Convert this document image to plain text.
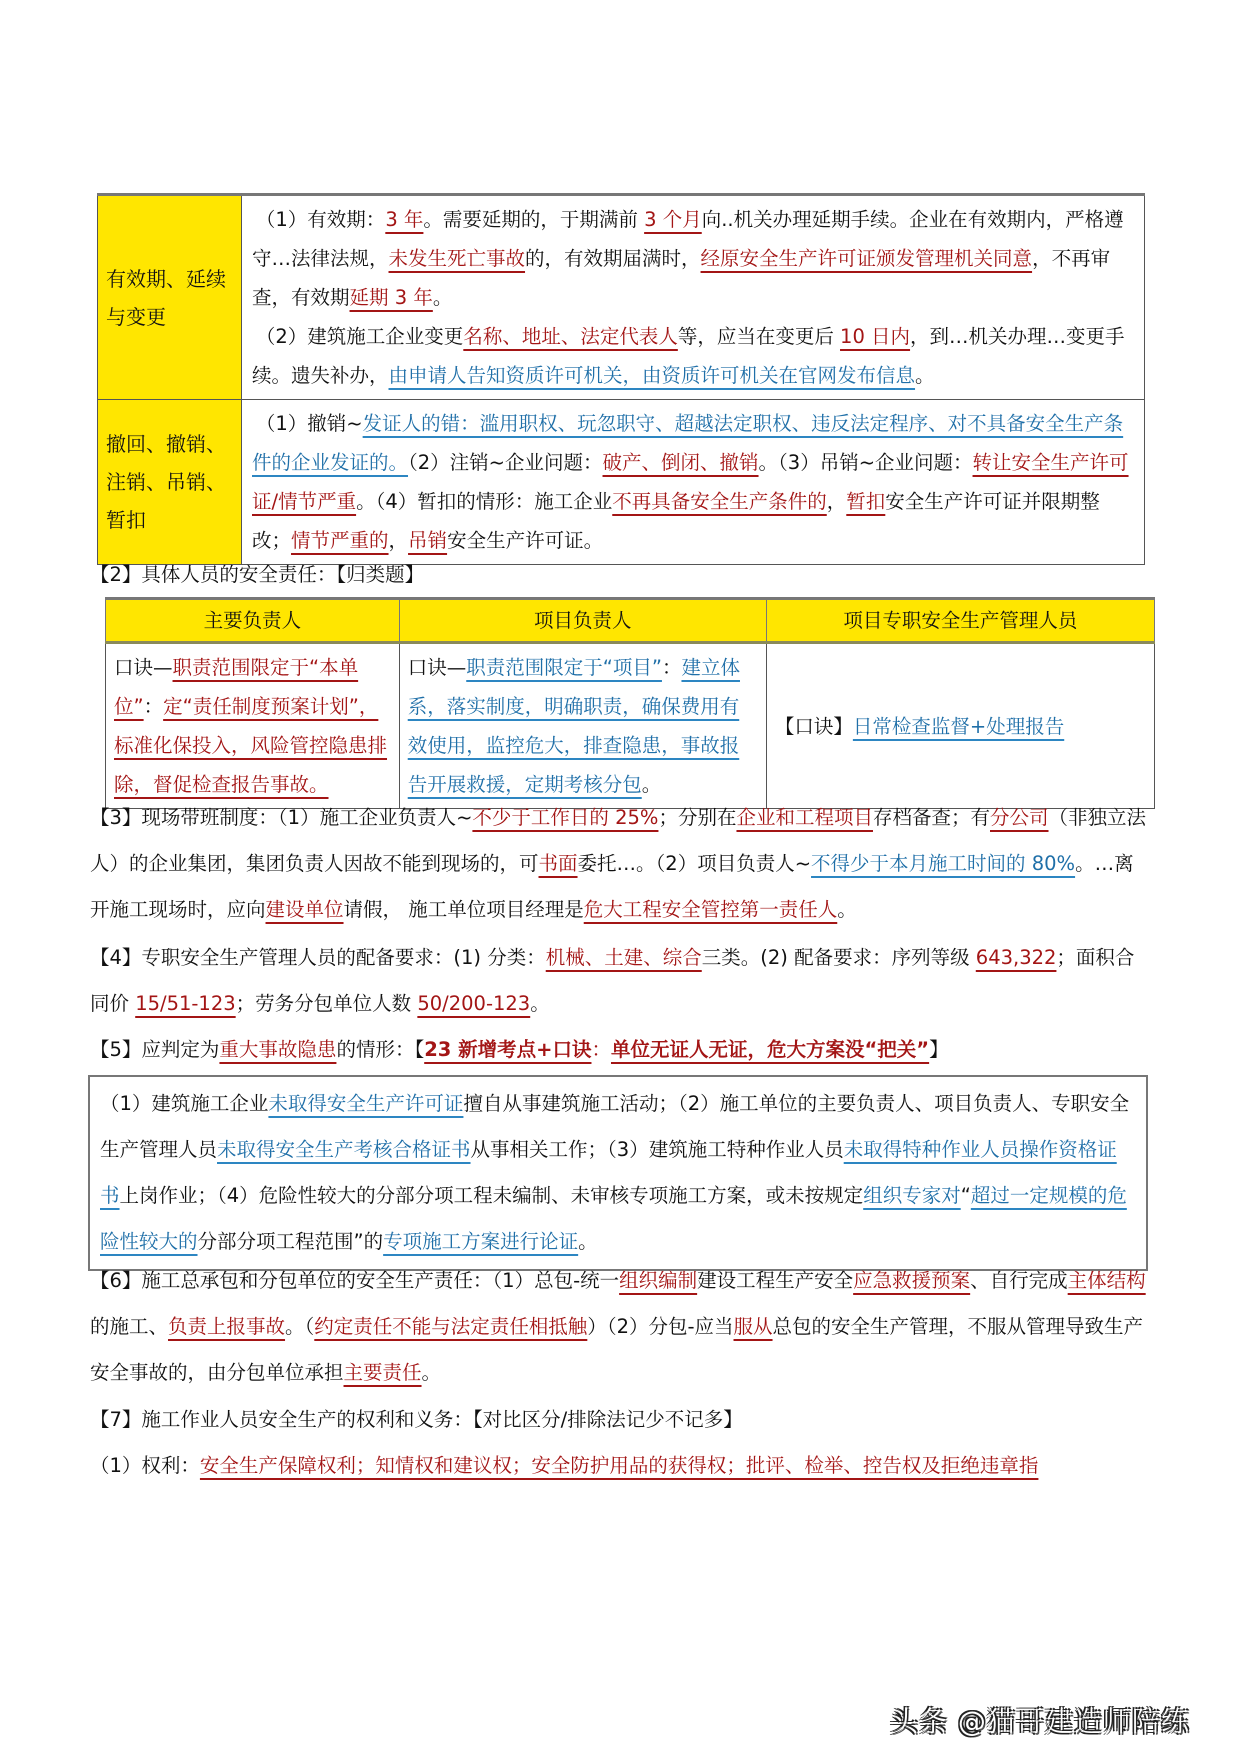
有效期、延续与变更	（1）有效期：3 年。需要延期的，于期满前 3 个月向..机关办理延期手续。企业在有效期内，严格遵守…法律法规，未发生死亡事故的，有效期届满时，经原安全生产许可证颁发管理机关同意，不再审查，有效期延期 3 年。
（2）建筑施工企业变更名称、地址、法定代表人等，应当在变更后 10 日内，到…机关办理…变更手续。遗失补办，由申请人告知资质许可机关，由资质许可机关在官网发布信息。

撤回、撤销、注销、吊销、暂扣	（1）撤销~发证人的错：滥用职权、玩忽职守、超越法定职权、违反法定程序、对不具备安全生产条件的企业发证的。（2）注销~企业问题：破产、倒闭、撤销。（3）吊销~企业问题：转让安全生产许可证/情节严重。（4）暂扣的情形：施工企业不再具备安全生产条件的，暂扣安全生产许可证并限期整改；情节严重的，吊销安全生产许可证。
【2】具体人员的安全责任：【归类题】
主要负责人	项目负责人	项目专职安全生产管理人员
口诀—职责范围限定于“本单位”：定“责任制度预案计划”，标准化保投入，风险管控隐患排除，督促检查报告事故。	口诀—职责范围限定于“项目”：建立体系，落实制度，明确职责，确保费用有效使用，监控危大，排查隐患，事故报告开展救援，定期考核分包。	【口诀】日常检查监督+处理报告
【3】现场带班制度：（1）施工企业负责人~不少于工作日的 25%；分别在企业和工程项目存档备查；有分公司（非独立法人）的企业集团，集团负责人因故不能到现场的，可书面委托…。（2）项目负责人~不得少于本月施工时间的 80%。…离开施工现场时，应向建设单位请假， 施工单位项目经理是危大工程安全管控第一责任人。
【4】专职安全生产管理人员的配备要求：(1) 分类：机械、土建、综合三类。(2) 配备要求：序列等级 643,322；面积合同价 15/51-123；劳务分包单位人数 50/200-123。
【5】应判定为重大事故隐患的情形：【23 新增考点+口诀：单位无证人无证，危大方案没“把关”】
（1）建筑施工企业未取得安全生产许可证擅自从事建筑施工活动；（2）施工单位的主要负责人、项目负责人、专职安全生产管理人员未取得安全生产考核合格证书从事相关工作；（3）建筑施工特种作业人员未取得特种作业人员操作资格证书上岗作业；（4）危险性较大的分部分项工程未编制、未审核专项施工方案，或未按规定组织专家对“超过一定规模的危险性较大的分部分项工程范围”的专项施工方案进行论证。
【6】施工总承包和分包单位的安全生产责任：（1）总包-统一组织编制建设工程生产安全应急救援预案、自行完成主体结构的施工、负责上报事故。（约定责任不能与法定责任相抵触）（2）分包-应当服从总包的安全生产管理，不服从管理导致生产安全事故的，由分包单位承担主要责任。
【7】施工作业人员安全生产的权利和义务：【对比区分/排除法记少不记多】
（1）权利：安全生产保障权利；知情权和建议权；安全防护用品的获得权；批评、检举、控告权及拒绝违章指
头条 @猫哥建造师陪练
